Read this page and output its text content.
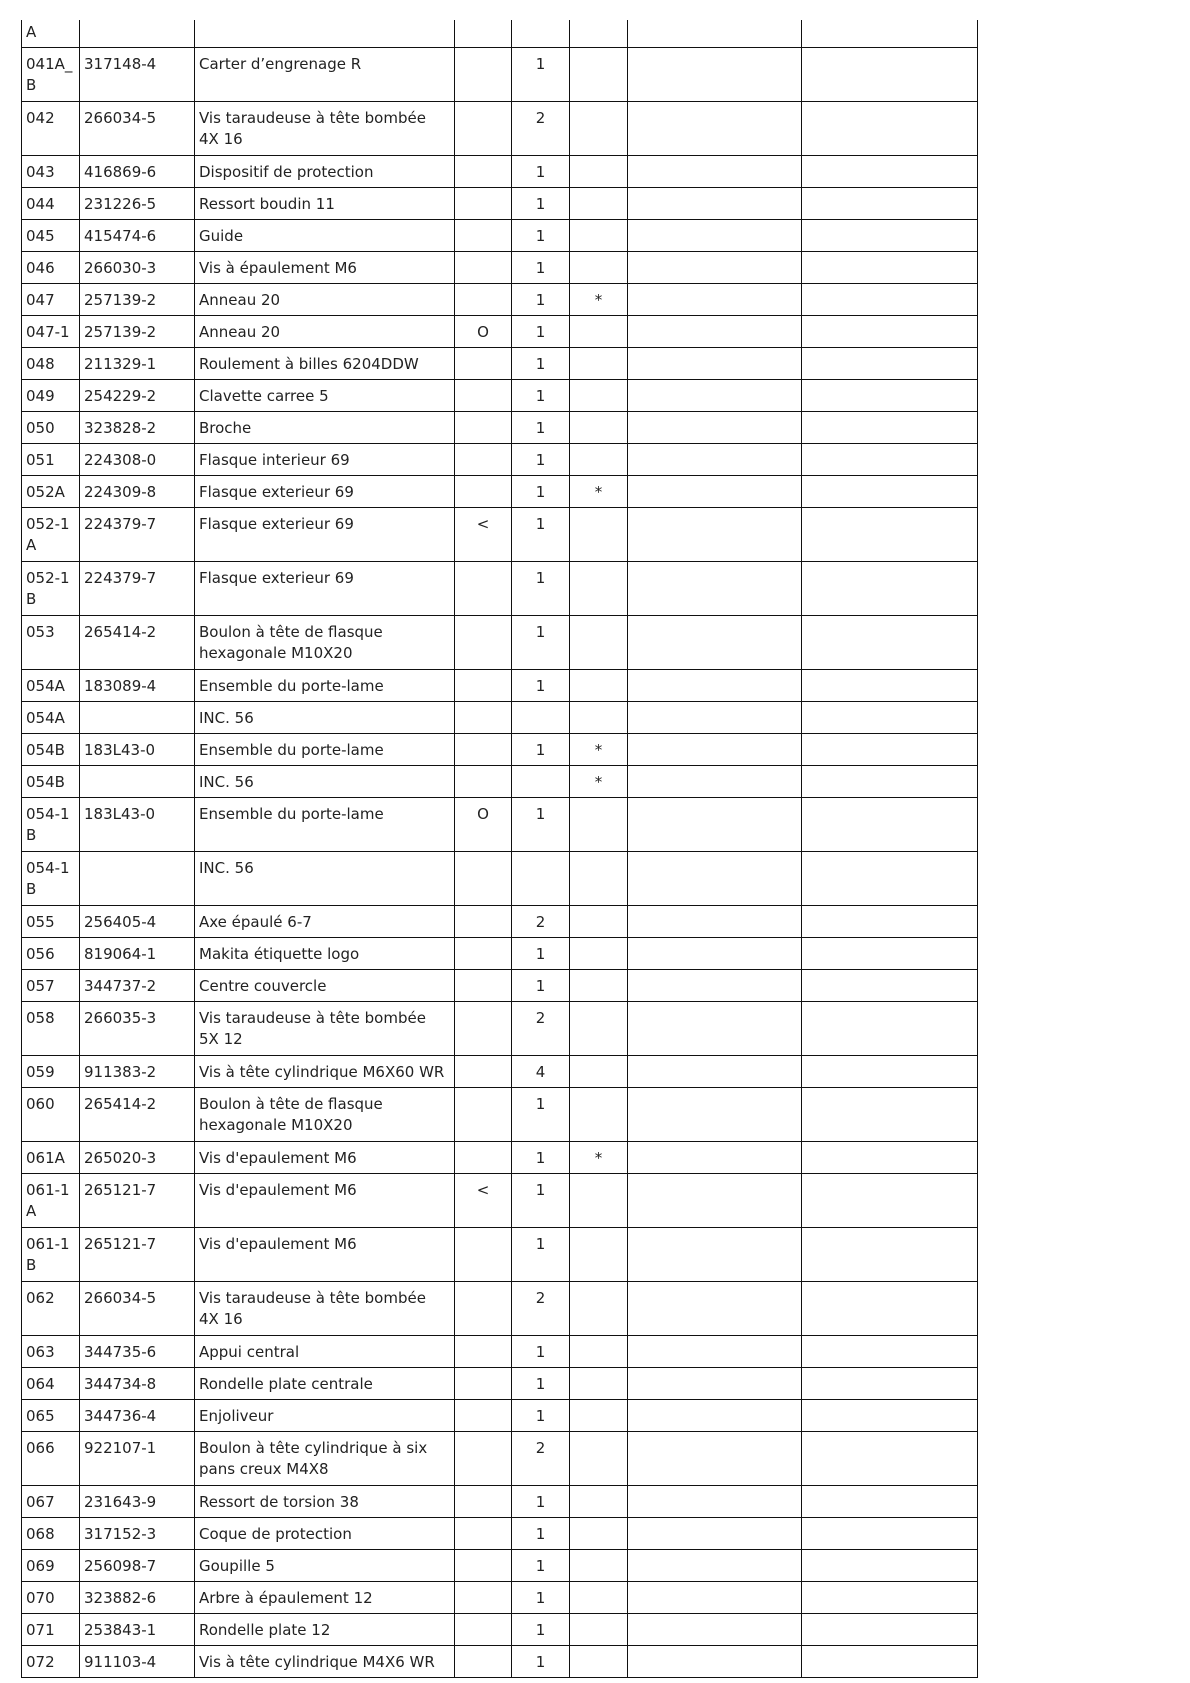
A							
041A_B	317148-4	Carter d’engrenage R		1			
042	266034-5	Vis taraudeuse à tête bombée 4X 16		2			
043	416869-6	Dispositif de protection		1			
044	231226-5	Ressort boudin 11		1			
045	415474-6	Guide		1			
046	266030-3	Vis à épaulement M6		1			
047	257139-2	Anneau 20		1	*		
047-1	257139-2	Anneau 20	O	1			
048	211329-1	Roulement à billes 6204DDW		1			
049	254229-2	Clavette carree 5		1			
050	323828-2	Broche		1			
051	224308-0	Flasque interieur 69		1			
052A	224309-8	Flasque exterieur 69		1	*		
052-1A	224379-7	Flasque exterieur 69	<	1			
052-1B	224379-7	Flasque exterieur 69		1			
053	265414-2	Boulon à tête de flasque hexagonale M10X20		1			
054A	183089-4	Ensemble du porte-lame		1			
054A		INC. 56					
054B	183L43-0	Ensemble du porte-lame		1	*		
054B		INC. 56			*		
054-1B	183L43-0	Ensemble du porte-lame	O	1			
054-1B		INC. 56					
055	256405-4	Axe épaulé 6-7		2			
056	819064-1	Makita étiquette logo		1			
057	344737-2	Centre couvercle		1			
058	266035-3	Vis taraudeuse à tête bombée 5X 12		2			
059	911383-2	Vis à tête cylindrique M6X60 WR		4			
060	265414-2	Boulon à tête de flasque hexagonale M10X20		1			
061A	265020-3	Vis d'epaulement M6		1	*		
061-1A	265121-7	Vis d'epaulement M6	<	1			
061-1B	265121-7	Vis d'epaulement M6		1			
062	266034-5	Vis taraudeuse à tête bombée 4X 16		2			
063	344735-6	Appui central		1			
064	344734-8	Rondelle plate centrale		1			
065	344736-4	Enjoliveur		1			
066	922107-1	Boulon à tête cylindrique à six pans creux M4X8		2			
067	231643-9	Ressort de torsion 38		1			
068	317152-3	Coque de protection		1			
069	256098-7	Goupille 5		1			
070	323882-6	Arbre à épaulement 12		1			
071	253843-1	Rondelle plate 12		1			
072	911103-4	Vis à tête cylindrique M4X6 WR		1			
